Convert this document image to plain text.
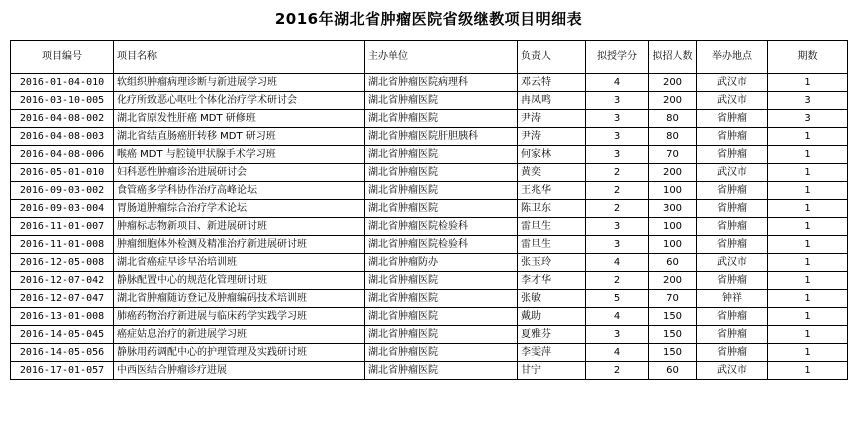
2016年湖北省肿瘤医院省级继教项目明细表
项目编号	项目名称	主办单位	负责人	拟授学分	拟招人数	举办地点	期数
2016-01-04-010	软组织肿瘤病理诊断与新进展学习班	湖北省肿瘤医院病理科	邓云特	4	200	武汉市	1
2016-03-10-005	化疗所致恶心呕吐个体化治疗学术研讨会	湖北省肿瘤医院	冉凤鸣	3	200	武汉市	3
2016-04-08-002	湖北省原发性肝癌 MDT 研修班	湖北省肿瘤医院	尹涛	3	80	省肿瘤	3
2016-04-08-003	湖北省结直肠癌肝转移 MDT 研习班	湖北省肿瘤医院肝胆胰科	尹涛	3	80	省肿瘤	1
2016-04-08-006	喉癌 MDT 与腔镜甲状腺手术学习班	湖北省肿瘤医院	何家林	3	70	省肿瘤	1
2016-05-01-010	妇科恶性肿瘤诊治进展研讨会	湖北省肿瘤医院	黄奕	2	200	武汉市	1
2016-09-03-002	食管癌多学科协作治疗高峰论坛	湖北省肿瘤医院	王兆华	2	100	省肿瘤	1
2016-09-03-004	胃肠道肿瘤综合治疗学术论坛	湖北省肿瘤医院	陈卫东	2	300	省肿瘤	1
2016-11-01-007	肿瘤标志物新项目、新进展研讨班	湖北省肿瘤医院检验科	雷旦生	3	100	省肿瘤	1
2016-11-01-008	肿瘤细胞体外检测及精准治疗新进展研讨班	湖北省肿瘤医院检验科	雷旦生	3	100	省肿瘤	1
2016-12-05-008	湖北省癌症早诊早治培训班	湖北省肿瘤防办	张玉玲	4	60	武汉市	1
2016-12-07-042	静脉配置中心的规范化管理研讨班	湖北省肿瘤医院	李才华	2	200	省肿瘤	1
2016-12-07-047	湖北省肿瘤随访登记及肿瘤编码技术培训班	湖北省肿瘤医院	张敏	5	70	钟祥	1
2016-13-01-008	肺癌药物治疗新进展与临床药学实践学习班	湖北省肿瘤医院	戴助	4	150	省肿瘤	1
2016-14-05-045	癌症姑息治疗的新进展学习班	湖北省肿瘤医院	夏雅芬	3	150	省肿瘤	1
2016-14-05-056	静脉用药调配中心的护理管理及实践研讨班	湖北省肿瘤医院	李雯萍	4	150	省肿瘤	1
2016-17-01-057	中西医结合肿瘤诊疗进展	湖北省肿瘤医院	甘宁	2	60	武汉市	1
